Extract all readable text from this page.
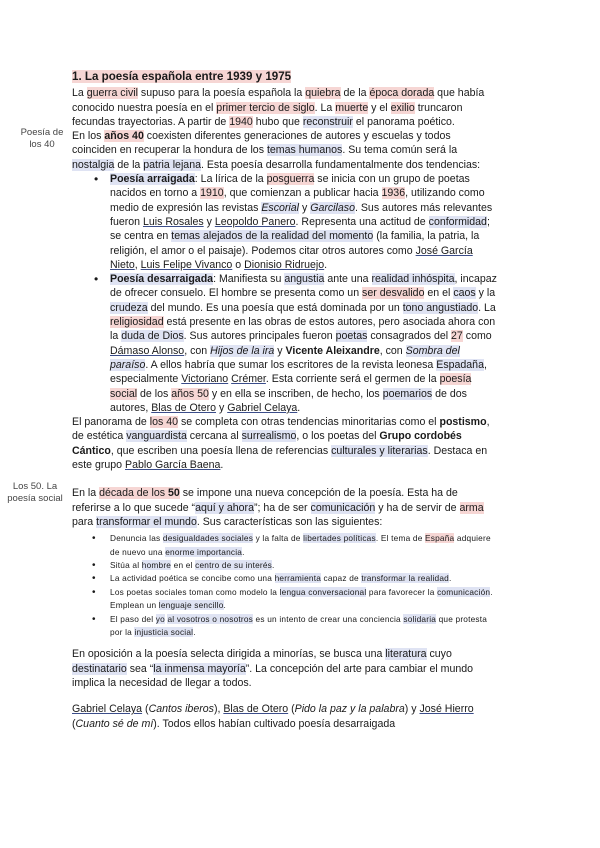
Poesía de los 40
Los 50. La poesía social
1. La poesía española entre 1939 y 1975

La guerra civil supuso para la poesía española la quiebra de la época dorada que había conocido nuestra poesía en el primer tercio de siglo. La muerte y el exilio truncaron fecundas trayectorias. A partir de 1940 hubo que reconstruir el panorama poético.

En los años 40 coexisten diferentes generaciones de autores y escuelas y todos coinciden en recuperar la hondura de los temas humanos. Su tema común será la nostalgia de la patria lejana. Esta poesía desarrolla fundamentalmente dos tendencias:

• Poesía arraigada: La lírica de la posguerra se inicia con un grupo de poetas nacidos en torno a 1910, que comienzan a publicar hacia 1936, utilizando como medio de expresión las revistas Escorial y Garcilaso. Sus autores más relevantes fueron Luis Rosales y Leopoldo Panero. Representa una actitud de conformidad; se centra en temas alejados de la realidad del momento (la familia, la patria, la religión, el amor o el paisaje). Podemos citar otros autores como José García Nieto, Luis Felipe Vivanco o Dionisio Ridruejo.
• Poesía desarraigada: Manifiesta su angustia ante una realidad inhóspita, incapaz de ofrecer consuelo. El hombre se presenta como un ser desvalido en el caos y la crudeza del mundo. Es una poesía que está dominada por un tono angustiado. La religiosidad está presente en las obras de estos autores, pero asociada ahora con la duda de Dios. Sus autores principales fueron poetas consagrados del 27 como Dámaso Alonso, con Hijos de la ira y Vicente Aleixandre, con Sombra del paraíso. A ellos habría que sumar los escritores de la revista leonesa Espadaña, especialmente Victoriano Crémer. Esta corriente será el germen de la poesía social de los años 50 y en ella se inscriben, de hecho, los poemarios de dos autores, Blas de Otero y Gabriel Celaya.

El panorama de los 40 se completa con otras tendencias minoritarias como el postismo, de estética vanguardista cercana al surrealismo, o los poetas del Grupo cordobés Cántico, que escriben una poesía llena de referencias culturales y literarias. Destaca en este grupo Pablo García Baena.

En la década de los 50 se impone una nueva concepción de la poesía. Esta ha de referirse a lo que sucede “aquí y ahora”; ha de ser comunicación y ha de servir de arma para transformar el mundo. Sus características son las siguientes:

• Denuncia las desigualdades sociales y la falta de libertades políticas. El tema de España adquiere de nuevo una enorme importancia.
• Sitúa al hombre en el centro de su interés.
• La actividad poética se concibe como una herramienta capaz de transformar la realidad.
• Los poetas sociales toman como modelo la lengua conversacional para favorecer la comunicación. Emplean un lenguaje sencillo.
• El paso del yo al vosotros o nosotros es un intento de crear una conciencia solidaria que protesta por la injusticia social.

En oposición a la poesía selecta dirigida a minorías, se busca una literatura cuyo destinatario sea “la inmensa mayoría”. La concepción del arte para cambiar el mundo implica la necesidad de llegar a todos.

Gabriel Celaya (Cantos iberos), Blas de Otero (Pido la paz y la palabra) y José Hierro (Cuanto sé de mí). Todos ellos habían cultivado poesía desarraigada
